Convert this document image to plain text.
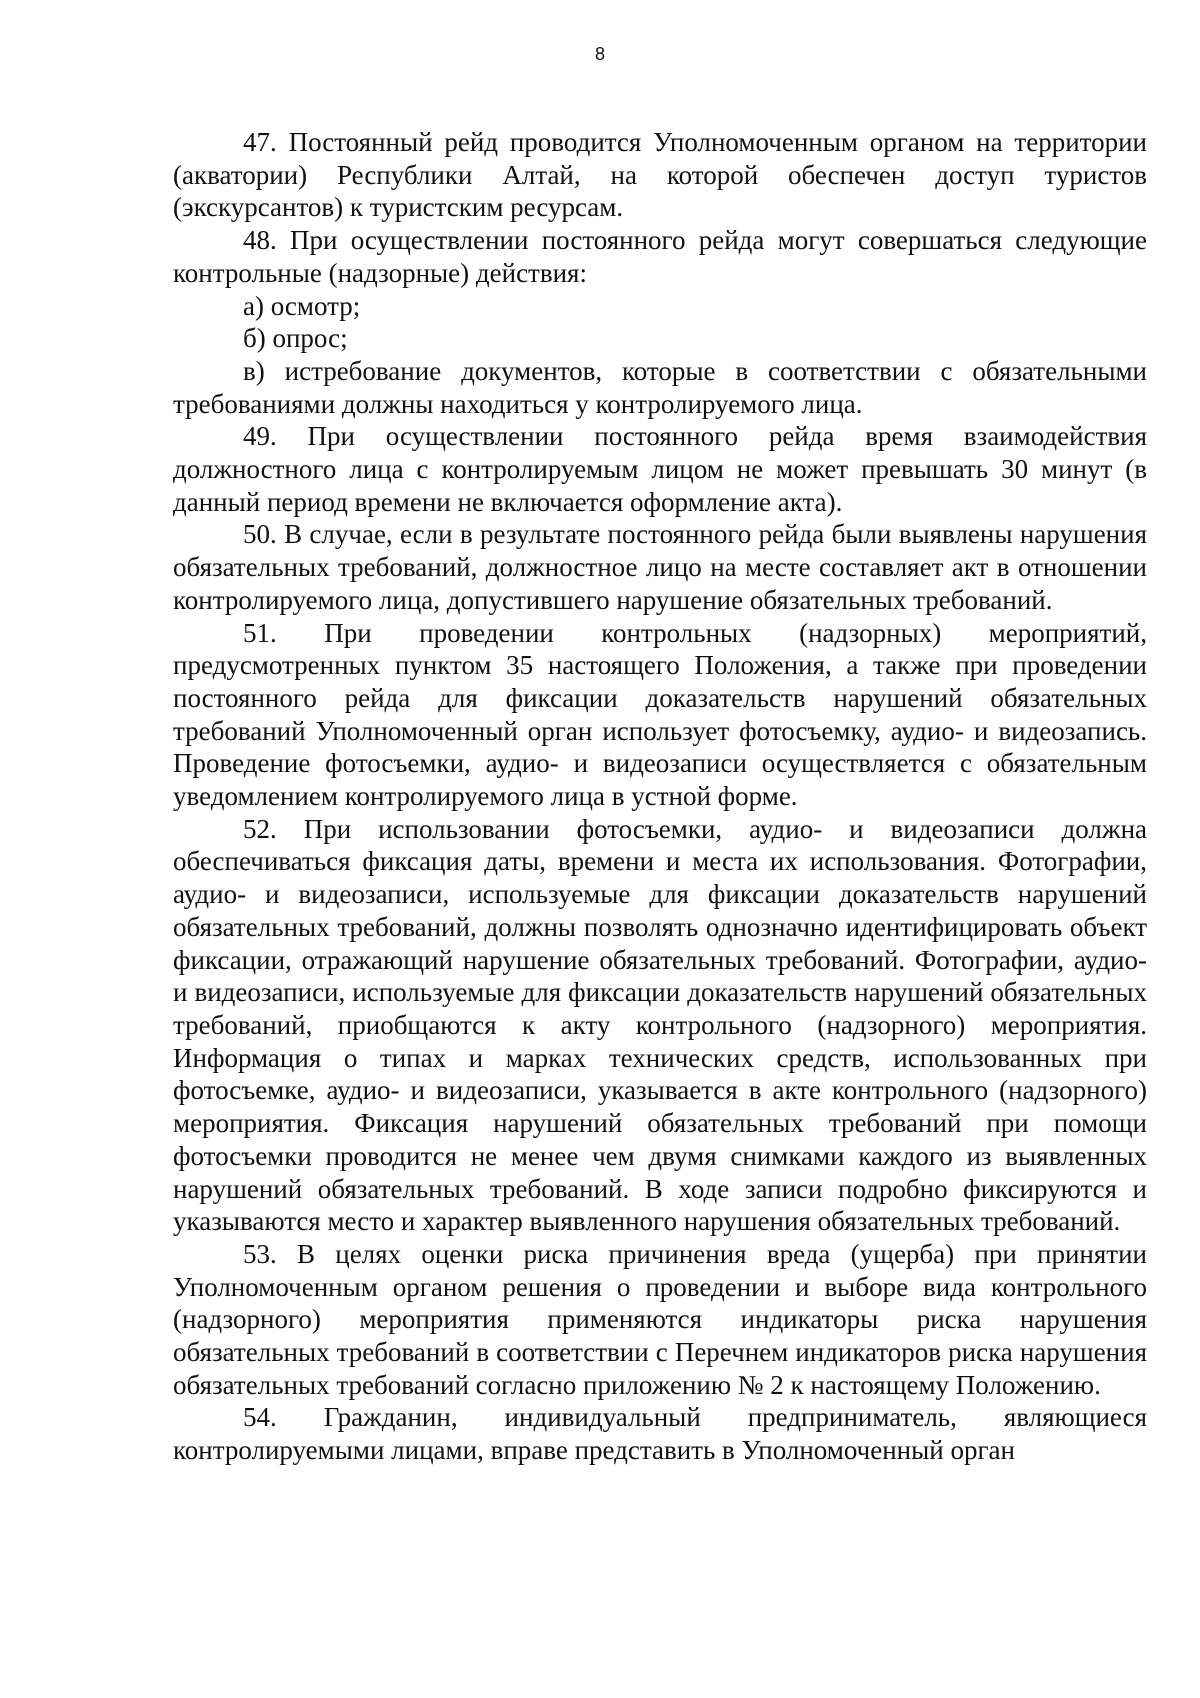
8

47. Постоянный рейд проводится Уполномоченным органом на территории (акватории) Республики Алтай, на которой обеспечен доступ туристов (экскурсантов) к туристским ресурсам.

48. При осуществлении постоянного рейда могут совершаться следующие контрольные (надзорные) действия:

а) осмотр;

б) опрос;

в) истребование документов, которые в соответствии с обязательными требованиями должны находиться у контролируемого лица.

49. При осуществлении постоянного рейда время взаимодействия должностного лица с контролируемым лицом не может превышать 30 минут (в данный период времени не включается оформление акта).

50. В случае, если в результате постоянного рейда были выявлены нарушения обязательных требований, должностное лицо на месте составляет акт в отношении контролируемого лица, допустившего нарушение обязательных требований.

51. При проведении контрольных (надзорных) мероприятий, предусмотренных пунктом 35 настоящего Положения, а также при проведении постоянного рейда для фиксации доказательств нарушений обязательных требований Уполномоченный орган использует фотосъемку, аудио- и видеозапись. Проведение фотосъемки, аудио- и видеозаписи осуществляется с обязательным уведомлением контролируемого лица в устной форме.

52. При использовании фотосъемки, аудио- и видеозаписи должна обеспечиваться фиксация даты, времени и места их использования. Фотографии, аудио- и видеозаписи, используемые для фиксации доказательств нарушений обязательных требований, должны позволять однозначно идентифицировать объект фиксации, отражающий нарушение обязательных требований. Фотографии, аудио- и видеозаписи, используемые для фиксации доказательств нарушений обязательных требований, приобщаются к акту контрольного (надзорного) мероприятия. Информация о типах и марках технических средств, использованных при фотосъемке, аудио- и видеозаписи, указывается в акте контрольного (надзорного) мероприятия. Фиксация нарушений обязательных требований при помощи фотосъемки проводится не менее чем двумя снимками каждого из выявленных нарушений обязательных требований. В ходе записи подробно фиксируются и указываются место и характер выявленного нарушения обязательных требований.

53. В целях оценки риска причинения вреда (ущерба) при принятии Уполномоченным органом решения о проведении и выборе вида контрольного (надзорного) мероприятия применяются индикаторы риска нарушения обязательных требований в соответствии с Перечнем индикаторов риска нарушения обязательных требований согласно приложению № 2 к настоящему Положению.

54. Гражданин, индивидуальный предприниматель, являющиеся контролируемыми лицами, вправе представить в Уполномоченный орган
